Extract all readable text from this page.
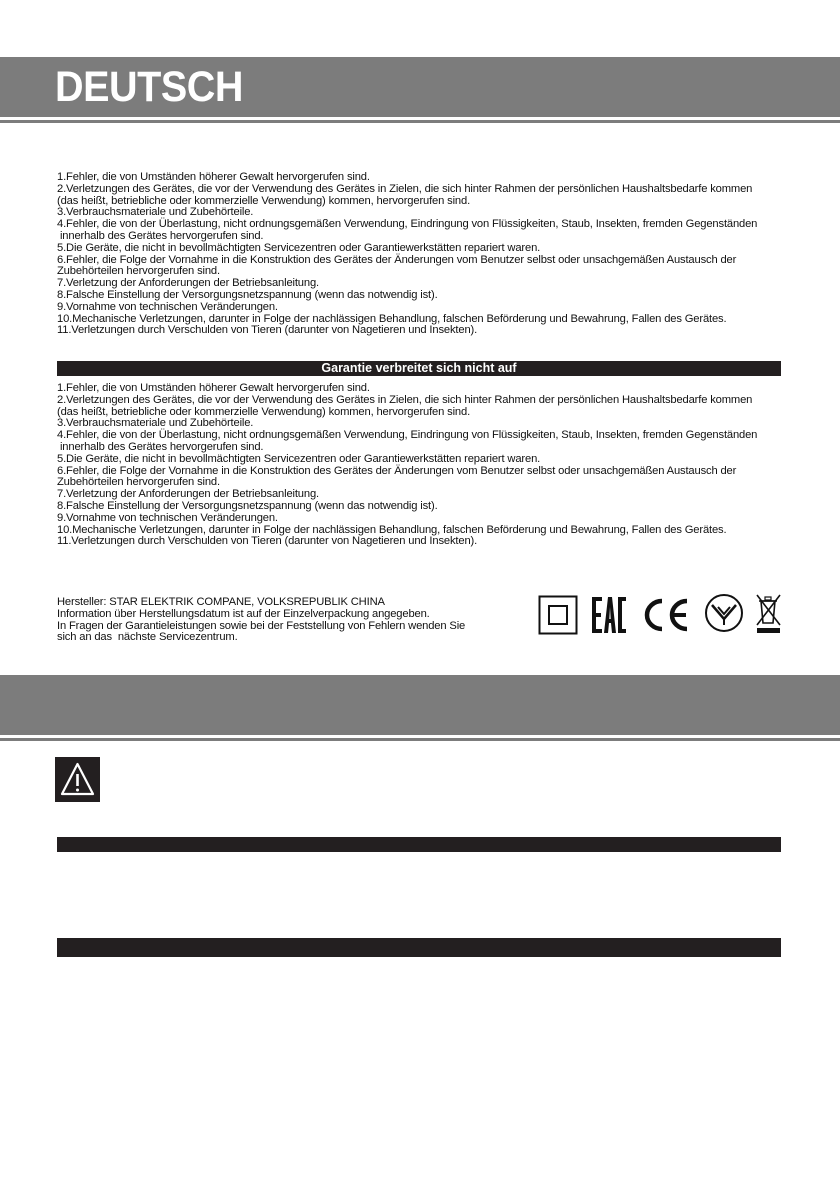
DEUTSCH
1.Fehler, die von Umständen höherer Gewalt hervorgerufen sind.
2.Verletzungen des Gerätes, die vor der Verwendung des Gerätes in Zielen, die sich hinter Rahmen der persönlichen Haushaltsbedarfe kommen
(das heißt, betriebliche oder kommerzielle Verwendung) kommen, hervorgerufen sind.
3.Verbrauchsmateriale und Zubehörteile.
4.Fehler, die von der Überlastung, nicht ordnungsgemäßen Verwendung, Eindringung von Flüssigkeiten, Staub, Insekten, fremden Gegenständen
innerhalb des Gerätes hervorgerufen sind.
5.Die Geräte, die nicht in bevollmächtigten Servicezentren oder Garantiewerkstätten repariert waren.
6.Fehler, die Folge der Vornahme in die Konstruktion des Gerätes der Änderungen vom Benutzer selbst oder unsachgemäßen Austausch der
Zubehörteilen hervorgerufen sind.
7.Verletzung der Anforderungen der Betriebsanleitung.
8.Falsche Einstellung der Versorgungsnetzspannung (wenn das notwendig ist).
9.Vornahme von technischen Veränderungen.
10.Mechanische Verletzungen, darunter in Folge der nachlässigen Behandlung, falschen Beförderung und Bewahrung, Fallen des Gerätes.
11.Verletzungen durch Verschulden von Tieren (darunter von Nagetieren und Insekten).
Garantie verbreitet sich nicht auf
1.Fehler, die von Umständen höherer Gewalt hervorgerufen sind.
2.Verletzungen des Gerätes, die vor der Verwendung des Gerätes in Zielen, die sich hinter Rahmen der persönlichen Haushaltsbedarfe kommen
(das heißt, betriebliche oder kommerzielle Verwendung) kommen, hervorgerufen sind.
3.Verbrauchsmateriale und Zubehörteile.
4.Fehler, die von der Überlastung, nicht ordnungsgemäßen Verwendung, Eindringung von Flüssigkeiten, Staub, Insekten, fremden Gegenständen
innerhalb des Gerätes hervorgerufen sind.
5.Die Geräte, die nicht in bevollmächtigten Servicezentren oder Garantiewerkstätten repariert waren.
6.Fehler, die Folge der Vornahme in die Konstruktion des Gerätes der Änderungen vom Benutzer selbst oder unsachgemäßen Austausch der
Zubehörteilen hervorgerufen sind.
7.Verletzung der Anforderungen der Betriebsanleitung.
8.Falsche Einstellung der Versorgungsnetzspannung (wenn das notwendig ist).
9.Vornahme von technischen Veränderungen.
10.Mechanische Verletzungen, darunter in Folge der nachlässigen Behandlung, falschen Beförderung und Bewahrung, Fallen des Gerätes.
11.Verletzungen durch Verschulden von Tieren (darunter von Nagetieren und Insekten).
Hersteller: STAR ELEKTRIK COMPANE, VOLKSREPUBLIK CHINA
Information über Herstellungsdatum ist auf der Einzelverpackung angegeben.
In Fragen der Garantieleistungen sowie bei der Feststellung von Fehlern wenden Sie
sich an das  nächste Servicezentrum.
